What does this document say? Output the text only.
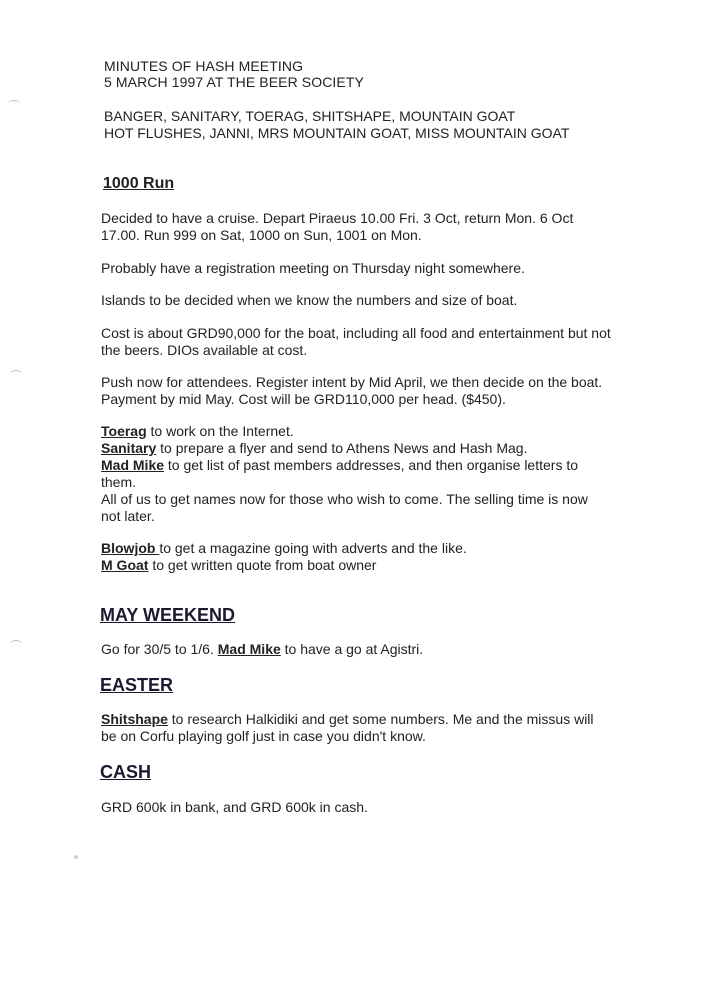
MINUTES OF HASH MEETING
5 MARCH 1997 AT THE BEER SOCIETY
BANGER, SANITARY, TOERAG, SHITSHAPE, MOUNTAIN GOAT
HOT FLUSHES, JANNI, MRS MOUNTAIN GOAT, MISS MOUNTAIN GOAT
1000 Run
Decided to have a cruise. Depart Piraeus 10.00 Fri. 3 Oct, return Mon. 6 Oct 17.00. Run 999 on Sat, 1000 on Sun, 1001 on Mon.
Probably have a registration meeting on Thursday night somewhere.
Islands to be decided when we know the numbers and size of boat.
Cost is about GRD90,000 for the boat, including all food and entertainment but not the beers. DIOs available at cost.
Push now for attendees. Register intent by Mid April, we then decide on the boat. Payment by mid May. Cost will be GRD110,000 per head. ($450).
Toerag to work on the Internet.
Sanitary to prepare a flyer and send to Athens News and Hash Mag.
Mad Mike to get list of past members addresses, and then organise letters to them.
All of us to get names now for those who wish to come. The selling time is now not later.
Blowjob to get a magazine going with adverts and the like.
M Goat to get written quote from boat owner
MAY WEEKEND
Go for 30/5 to 1/6. Mad Mike to have a go at Agistri.
EASTER
Shitshape to research Halkidiki and get some numbers. Me and the missus will be on Corfu playing golf just in case you didn't know.
CASH
GRD 600k in bank, and GRD 600k in cash.
